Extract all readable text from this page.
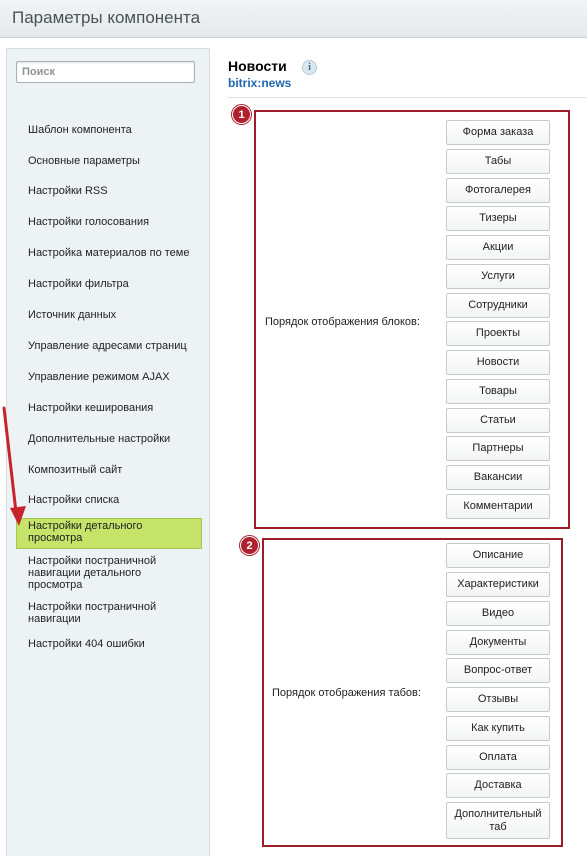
Параметры компонента
Поиск
Шаблон компонента
Основные параметры
Настройки RSS
Настройки голосования
Настройка материалов по теме
Настройки фильтра
Источник данных
Управление адресами страниц
Управление режимом AJAX
Настройки кеширования
Дополнительные настройки
Композитный сайт
Настройки списка
Настройки детального просмотра
Настройки постраничной навигации детального просмотра
Настройки постраничной навигации
Настройки 404 ошибки
Новости
bitrix:news
i
1
Порядок отображения блоков:
Форма заказа
Табы
Фотогалерея
Тизеры
Акции
Услуги
Сотрудники
Проекты
Новости
Товары
Статьи
Партнеры
Вакансии
Комментарии
2
Порядок отображения табов:
Описание
Характеристики
Видео
Документы
Вопрос-ответ
Отзывы
Как купить
Оплата
Доставка
Дополнительный таб
